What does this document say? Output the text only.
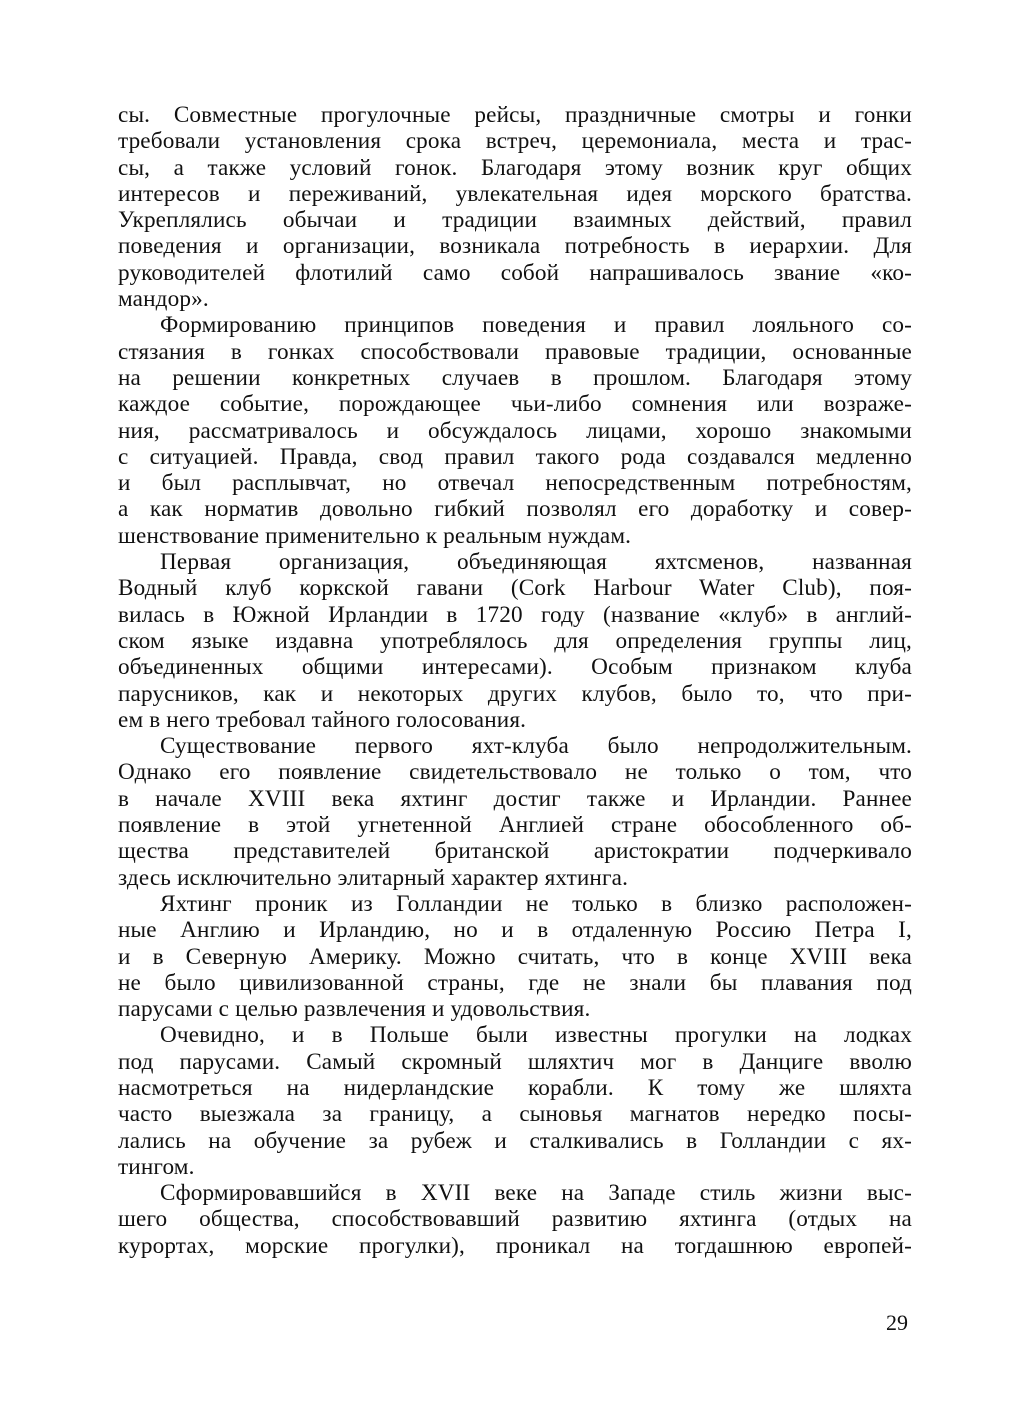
сы. Совместные прогулочные рейсы, праздничные смотры и гонки
требовали установления срока встреч, церемониала, места и трас-
сы, а также условий гонок. Благодаря этому возник круг общих
интересов и переживаний, увлекательная идея морского братства.
Укреплялись обычаи и традиции взаимных действий, правил
поведения и организации, возникала потребность в иерархии. Для
руководителей флотилий само собой напрашивалось звание «ко-
мандор».
Формированию принципов поведения и правил лояльного со-
стязания в гонках способствовали правовые традиции, основанные
на решении конкретных случаев в прошлом. Благодаря этому
каждое событие, порождающее чьи-либо сомнения или возраже-
ния, рассматривалось и обсуждалось лицами, хорошо знакомыми
с ситуацией. Правда, свод правил такого рода создавался медленно
и был расплывчат, но отвечал непосредственным потребностям,
а как норматив довольно гибкий позволял его доработку и совер-
шенствование применительно к реальным нуждам.
Первая организация, объединяющая яхтсменов, названная
Водный клуб коркской гавани (Cork Harbour Water Club), поя-
вилась в Южной Ирландии в 1720 году (название «клуб» в англий-
ском языке издавна употреблялось для определения группы лиц,
объединенных общими интересами). Особым признаком клуба
парусников, как и некоторых других клубов, было то, что при-
ем в него требовал тайного голосования.
Существование первого яхт-клуба было непродолжительным.
Однако его появление свидетельствовало не только о том, что
в начале XVIII века яхтинг достиг также и Ирландии. Раннее
появление в этой угнетенной Англией стране обособленного об-
щества представителей британской аристократии подчеркивало
здесь исключительно элитарный характер яхтинга.
Яхтинг проник из Голландии не только в близко расположен-
ные Англию и Ирландию, но и в отдаленную Россию Петра I,
и в Северную Америку. Можно считать, что в конце XVIII века
не было цивилизованной страны, где не знали бы плавания под
парусами с целью развлечения и удовольствия.
Очевидно, и в Польше были известны прогулки на лодках
под парусами. Самый скромный шляхтич мог в Данциге вволю
насмотреться на нидерландские корабли. К тому же шляхта
часто выезжала за границу, а сыновья магнатов нередко посы-
лались на обучение за рубеж и сталкивались в Голландии с ях-
тингом.
Сформировавшийся в XVII веке на Западе стиль жизни выс-
шего общества, способствовавший развитию яхтинга (отдых на
курортах, морские прогулки), проникал на тогдашнюю европей-
29
